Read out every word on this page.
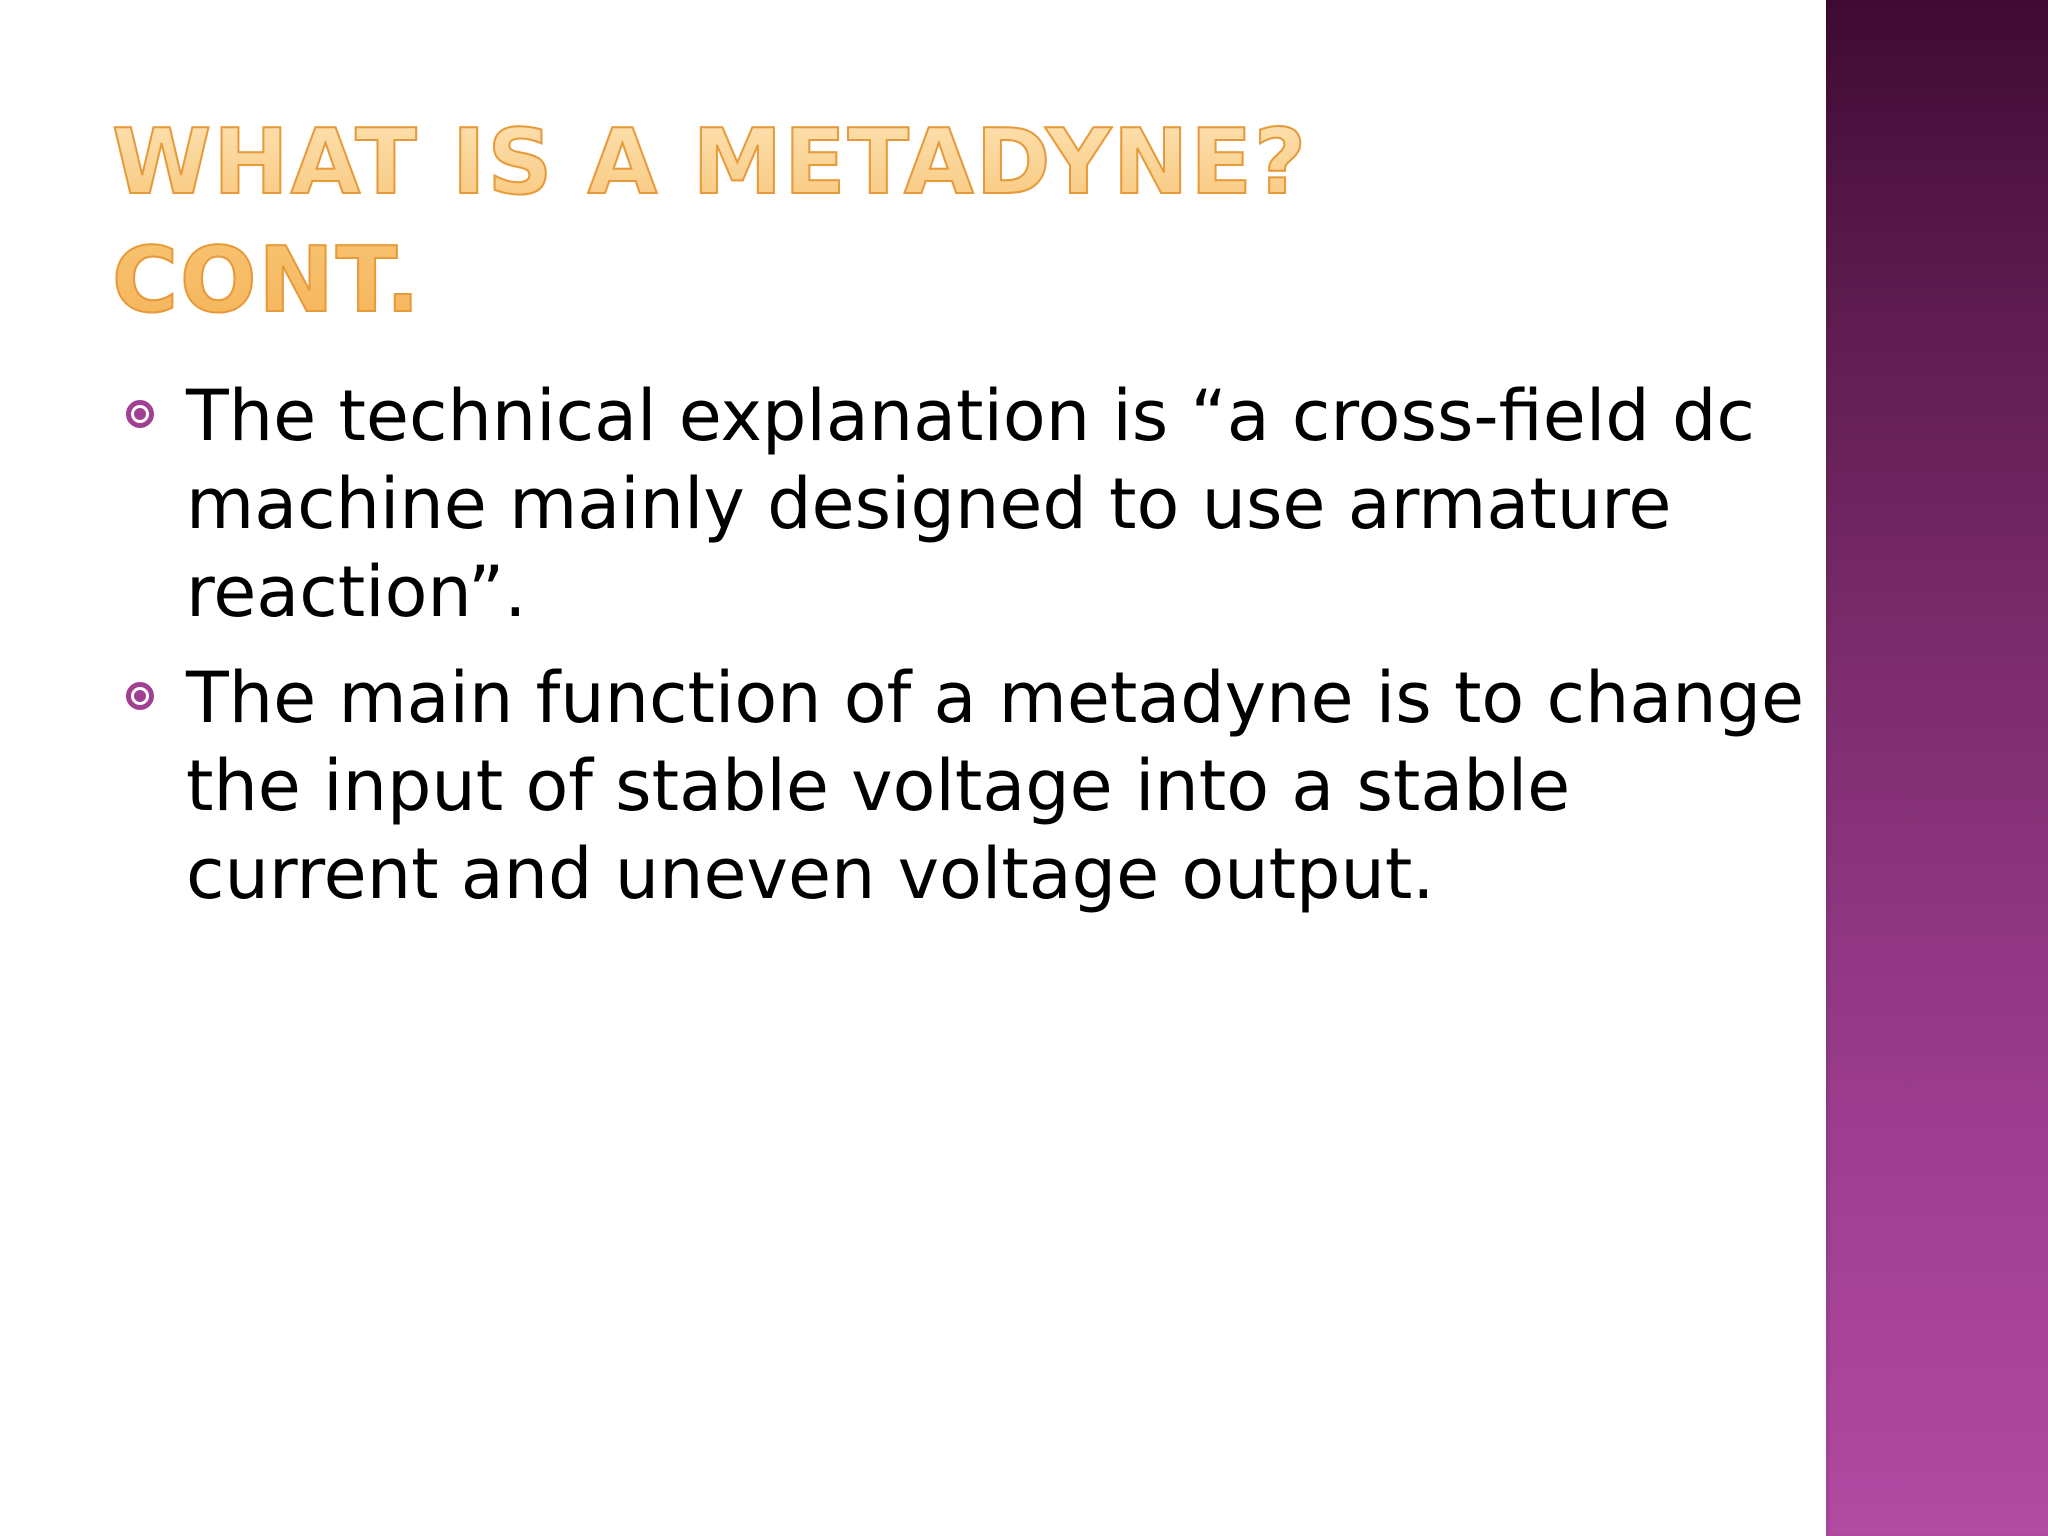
WHAT IS A METADYNE?
CONT.
The technical explanation is “a cross-field dc machine mainly designed to use armature reaction”.
The main function of a metadyne is to change the input of stable voltage into a stable current and uneven voltage output.
